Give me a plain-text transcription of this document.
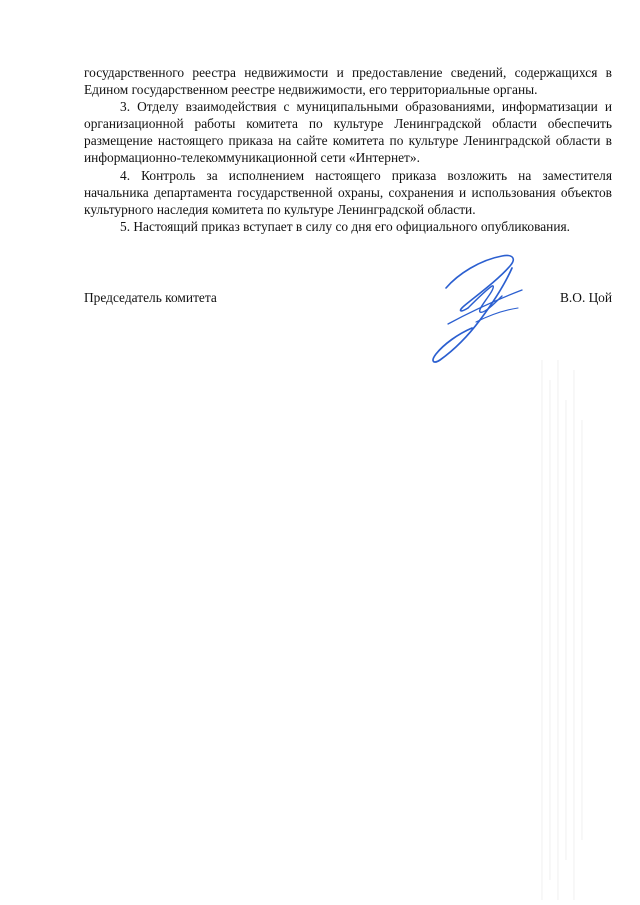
государственного реестра недвижимости и предоставление сведений, содержащихся в Едином государственном реестре недвижимости, его территориальные органы.

3. Отделу взаимодействия с муниципальными образованиями, информатизации и организационной работы комитета по культуре Ленинградской области обеспечить размещение настоящего приказа на сайте комитета по культуре Ленинградской области в информационно-телекоммуникационной сети «Интернет».

4. Контроль за исполнением настоящего приказа возложить на заместителя начальника департамента государственной охраны, сохранения и использования объектов культурного наследия комитета по культуре Ленинградской области.

5. Настоящий приказ вступает в силу со дня его официального опубликования.

Председатель комитета	В.О. Цой
